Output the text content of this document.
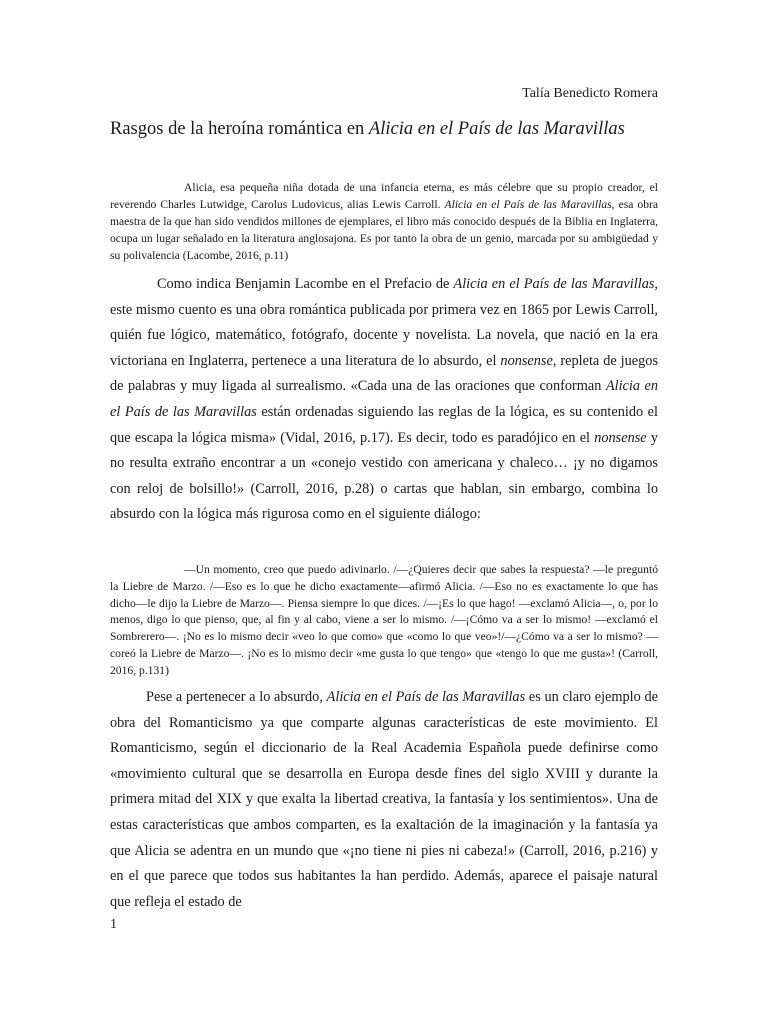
Talía Benedicto Romera
Rasgos de la heroína romántica en Alicia en el País de las Maravillas

Alicia, esa pequeña niña dotada de una infancia eterna, es más célebre que su propio creador, el reverendo Charles Lutwidge, Carolus Ludovicus, alias Lewis Carroll. Alicia en el País de las Maravillas, esa obra maestra de la que han sido vendidos millones de ejemplares, el libro más conocido después de la Biblia en Inglaterra, ocupa un lugar señalado en la literatura anglosajona. Es por tanto la obra de un genio, marcada por su ambigüedad y su polivalencia (Lacombe, 2016, p.11)

Como indica Benjamin Lacombe en el Prefacio de Alicia en el País de las Maravillas, este mismo cuento es una obra romántica publicada por primera vez en 1865 por Lewis Carroll, quién fue lógico, matemático, fotógrafo, docente y novelista. La novela, que nació en la era victoriana en Inglaterra, pertenece a una literatura de lo absurdo, el nonsense, repleta de juegos de palabras y muy ligada al surrealismo. «Cada una de las oraciones que conforman Alicia en el País de las Maravillas están ordenadas siguiendo las reglas de la lógica, es su contenido el que escapa la lógica misma» (Vidal, 2016, p.17). Es decir, todo es paradójico en el nonsense y no resulta extraño encontrar a un «conejo vestido con americana y chaleco… ¡y no digamos con reloj de bolsillo!» (Carroll, 2016, p.28) o cartas que hablan, sin embargo, combina lo absurdo con la lógica más rigurosa como en el siguiente diálogo:

—Un momento, creo que puedo adivinarlo. /—¿Quieres decir que sabes la respuesta? —le preguntó la Liebre de Marzo. /—Eso es lo que he dicho exactamente—afirmó Alicia. /—Eso no es exactamente lo que has dicho—le dijo la Liebre de Marzo—. Piensa siempre lo que dices. /—¡Es lo que hago! —exclamó Alicia—, o, por lo menos, digo lo que pienso, que, al fin y al cabo, viene a ser lo mismo. /—¡Cómo va a ser lo mismo! —exclamó el Sombrerero—. ¡No es lo mismo decir «veo lo que como» que «como lo que veo»!/—¿Cómo va a ser lo mismo? —coreó la Liebre de Marzo—. ¡No es lo mismo decir «me gusta lo que tengo» que «tengo lo que me gusta»! (Carroll, 2016, p.131)

Pese a pertenecer a lo absurdo, Alicia en el País de las Maravillas es un claro ejemplo de obra del Romanticismo ya que comparte algunas características de este movimiento. El Romanticismo, según el diccionario de la Real Academia Española puede definirse como «movimiento cultural que se desarrolla en Europa desde fines del siglo XVIII y durante la primera mitad del XIX y que exalta la libertad creativa, la fantasía y los sentimientos». Una de estas características que ambos comparten, es la exaltación de la imaginación y la fantasía ya que Alicia se adentra en un mundo que «¡no tiene ni pies ni cabeza!» (Carroll, 2016, p.216) y en el que parece que todos sus habitantes la han perdido. Además, aparece el paisaje natural que refleja el estado de

1
